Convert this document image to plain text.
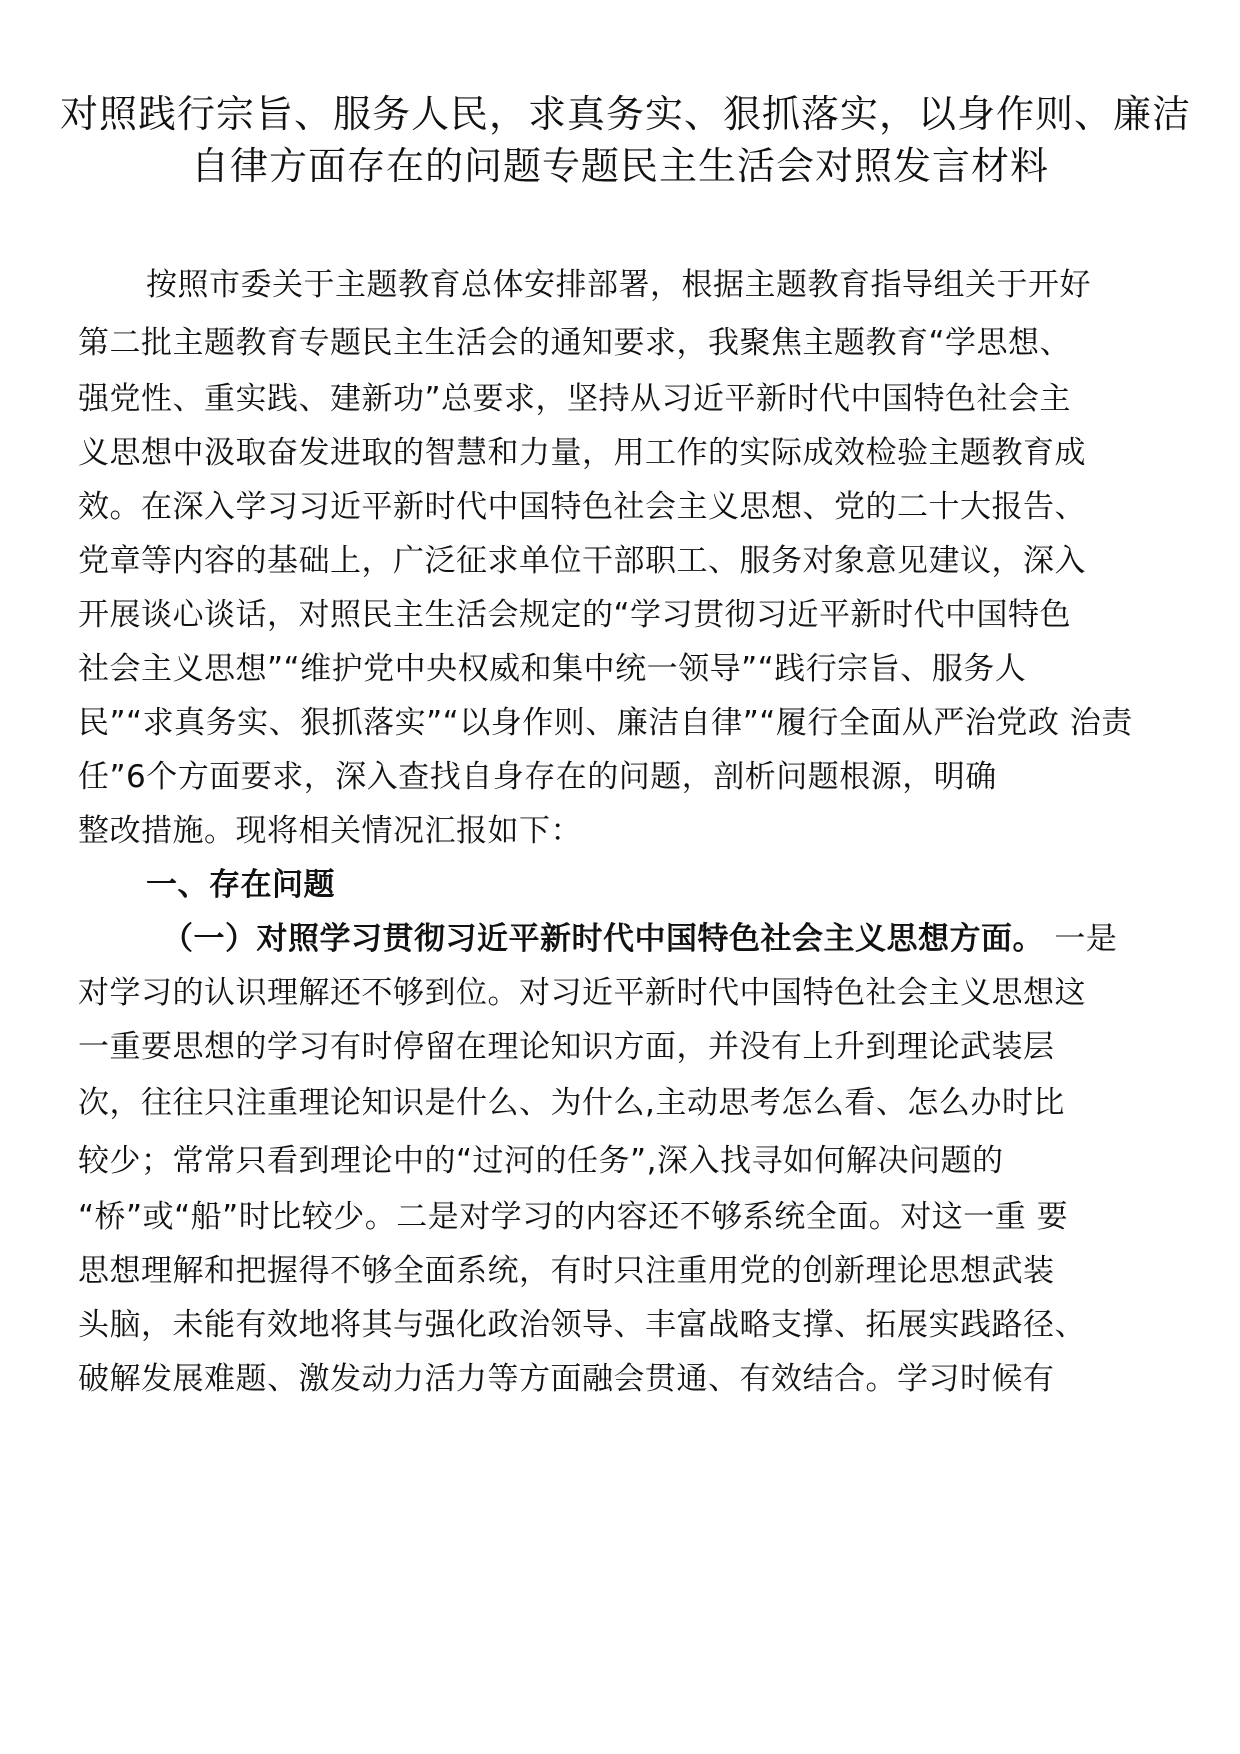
对照践行宗旨、服务人民，求真务实、狠抓落实，以身作则、廉洁
自律方面存在的问题专题民主生活会对照发言材料
按照市委关于主题教育总体安排部署，根据主题教育指导组关于开好
第二批主题教育专题民主生活会的通知要求，我聚焦主题教育“学思想、
强党性、重实践、建新功”总要求，坚持从习近平新时代中国特色社会主
义思想中汲取奋发进取的智慧和力量，用工作的实际成效检验主题教育成
效。在深入学习习近平新时代中国特色社会主义思想、党的二十大报告、
党章等内容的基础上，广泛征求单位干部职工、服务对象意见建议，深入
开展谈心谈话，对照民主生活会规定的“学习贯彻习近平新时代中国特色
社会主义思想”“维护党中央权威和集中统一领导”“践行宗旨、服务人
民”“求真务实、狠抓落实”“以身作则、廉洁自律”“履行全面从严治党政 治责
任”6个方面要求，深入查找自身存在的问题，剖析问题根源，明确
整改措施。现将相关情况汇报如下：
一、存在问题
（一）对照学习贯彻习近平新时代中国特色社会主义思想方面。 一是
对学习的认识理解还不够到位。对习近平新时代中国特色社会主义思想这
一重要思想的学习有时停留在理论知识方面，并没有上升到理论武装层
次，往往只注重理论知识是什么、为什么,主动思考怎么看、怎么办时比
较少；常常只看到理论中的“过河的任务”,深入找寻如何解决问题的
“桥”或“船”时比较少。二是对学习的内容还不够系统全面。对这一重 要
思想理解和把握得不够全面系统，有时只注重用党的创新理论思想武装
头脑，未能有效地将其与强化政治领导、丰富战略支撑、拓展实践路径、
破解发展难题、激发动力活力等方面融会贯通、有效结合。学习时候有
